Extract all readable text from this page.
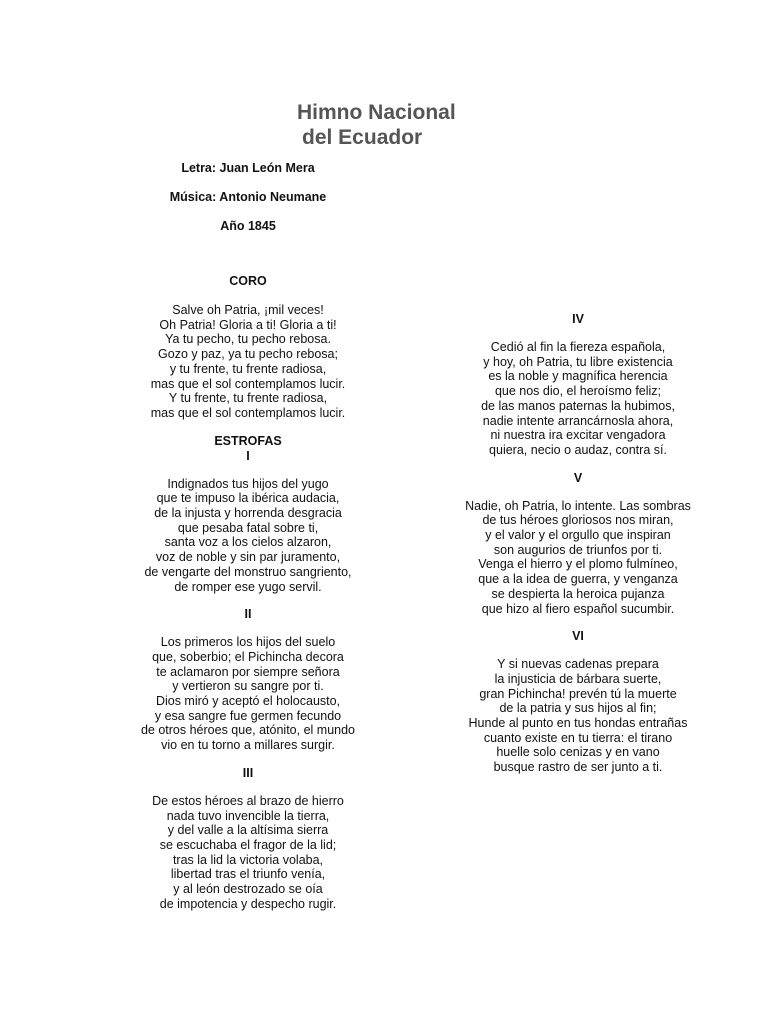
Himno Nacional
del Ecuador
Letra: Juan León Mera
Música: Antonio Neumane
Año 1845
CORO
Salve oh Patria, ¡mil veces!
Oh Patria! Gloria a ti! Gloria a ti!
Ya tu pecho, tu pecho rebosa.
Gozo y paz, ya tu pecho rebosa;
y tu frente, tu frente radiosa,
mas que el sol contemplamos lucir.
Y tu frente, tu frente radiosa,
mas que el sol contemplamos lucir.
ESTROFAS
I
Indignados tus hijos del yugo
que te impuso la ibérica audacia,
de la injusta y horrenda desgracia
que pesaba fatal sobre ti,
santa voz a los cielos alzaron,
voz de noble y sin par juramento,
de vengarte del monstruo sangriento,
de romper ese yugo servil.
II
Los primeros los hijos del suelo
que, soberbio; el Pichincha decora
te aclamaron por siempre señora
y vertieron su sangre por ti.
Dios miró y aceptó el holocausto,
y esa sangre fue germen fecundo
de otros héroes que, atónito, el mundo
vio en tu torno a millares surgir.
III
De estos héroes al brazo de hierro
nada tuvo invencible la tierra,
y del valle a la altísima sierra
se escuchaba el fragor de la lid;
tras la lid la victoria volaba,
libertad tras el triunfo venía,
y al león destrozado se oía
de impotencia y despecho rugir.
IV
Cedió al fin la fiereza española,
y hoy, oh Patria, tu libre existencia
es la noble y magnífica herencia
que nos dio, el heroísmo feliz;
de las manos paternas la hubimos,
nadie intente arrancárnosla ahora,
ni nuestra ira excitar vengadora
quiera, necio o audaz, contra sí.
V
Nadie, oh Patria, lo intente. Las sombras
de tus héroes gloriosos nos miran,
y el valor y el orgullo que inspiran
son augurios de triunfos por ti.
Venga el hierro y el plomo fulmíneo,
que a la idea de guerra, y venganza
se despierta la heroica pujanza
que hizo al fiero español sucumbir.
VI
Y si nuevas cadenas prepara
la injusticia de bárbara suerte,
gran Pichincha! prevén tú la muerte
de la patria y sus hijos al fin;
Hunde al punto en tus hondas entrañas
cuanto existe en tu tierra: el tirano
huelle solo cenizas y en vano
busque rastro de ser junto a ti.
